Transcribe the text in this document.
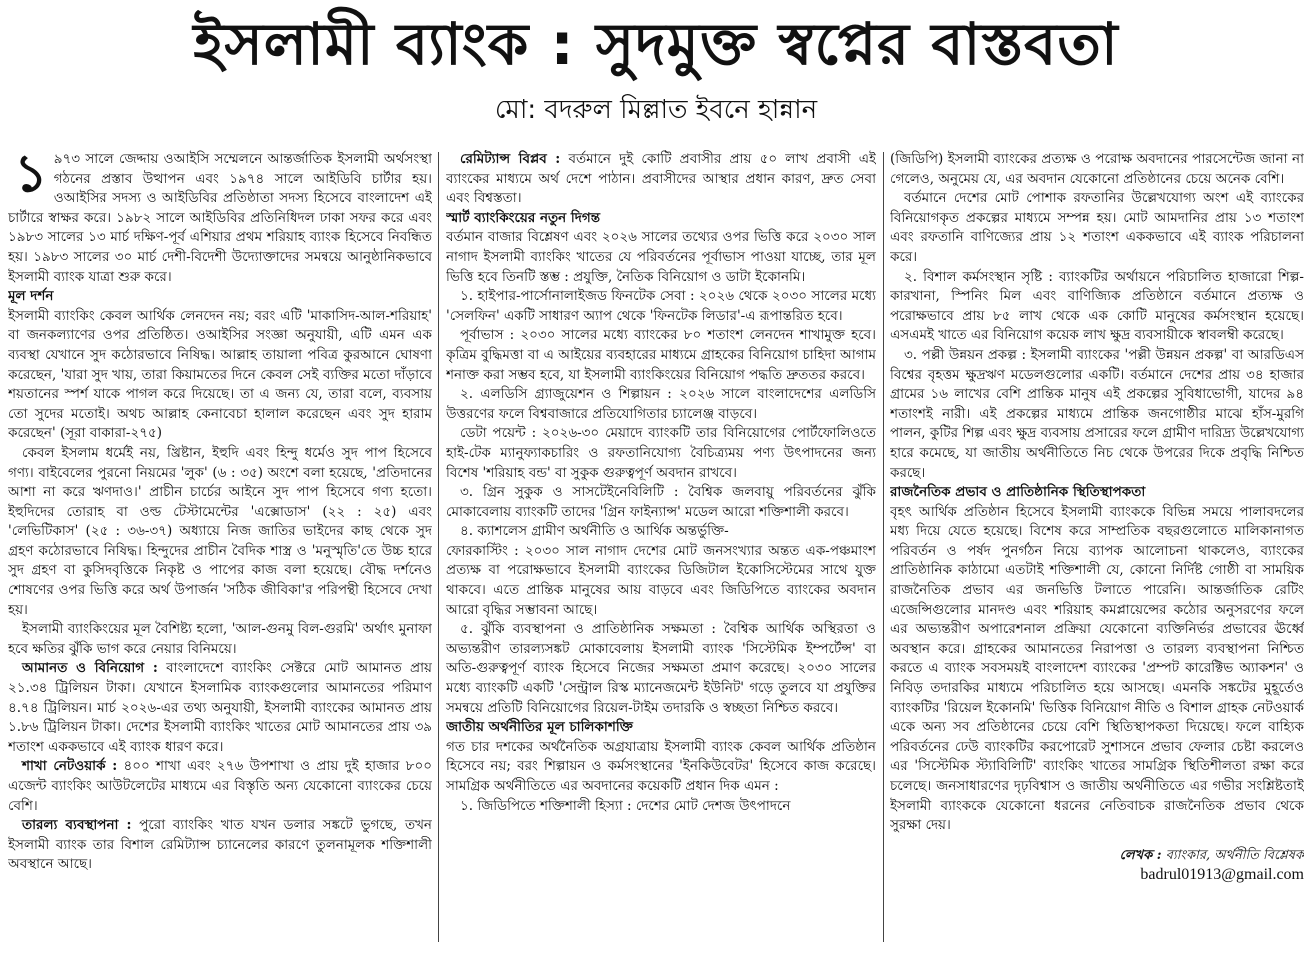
ইসলামী ব্যাংক : সুদমুক্ত স্বপ্নের বাস্তবতা
মো: বদরুল মিল্লাত ইবনে হান্নান

১ ৯৭৩ সালে জেদ্দায় ওআইসি সম্মেলনে আন্তর্জাতিক ইসলামী অর্থসংস্থা গঠনের প্রস্তাব উত্থাপন এবং ১৯৭৪ সালে আইডিবি চার্টার হয়। ওআইসির সদস্য ও আইডিবির প্রতিষ্ঠাতা সদস্য হিসেবে বাংলাদেশ এই চার্টারে স্বাক্ষর করে। ১৯৮২ সালে আইডিবির প্রতিনিধিদল ঢাকা সফর করে এবং ১৯৮৩ সালের ১৩ মার্চ দক্ষিণ-পূর্ব এশিয়ার প্রথম শরিয়াহ ব্যাংক হিসেবে নিবন্ধিত হয়। ১৯৮৩ সালের ৩০ মার্চ দেশী-বিদেশী উদ্যোক্তাদের সমন্বয়ে আনুষ্ঠানিকভাবে ইসলামী ব্যাংক যাত্রা শুরু করে।

মূল দর্শন

ইসলামী ব্যাংকিং কেবল আর্থিক লেনদেন নয়; বরং এটি 'মাকাসিদ-আল-শরিয়াহ' বা জনকল্যাণের ওপর প্রতিষ্ঠিত। ওআইসির সংজ্ঞা অনুযায়ী, এটি এমন এক ব্যবস্থা যেখানে সুদ কঠোরভাবে নিষিদ্ধ। আল্লাহ তায়ালা পবিত্র কুরআনে ঘোষণা করেছেন, 'যারা সুদ খায়, তারা কিয়ামতের দিনে কেবল সেই ব্যক্তির মতো দাঁড়াবে শয়তানের স্পর্শ যাকে পাগল করে দিয়েছে। তা এ জন্য যে, তারা বলে, ব্যবসায় তো সুদের মতোই। অথচ আল্লাহ কেনাবেচা হালাল করেছেন এবং সুদ হারাম করেছেন' (সূরা বাকারা-২৭৫)

কেবল ইসলাম ধর্মেই নয়, খ্রিষ্টান, ইহুদি এবং হিন্দু ধর্মেও সুদ পাপ হিসেবে গণ্য। বাইবেলের পুরনো নিয়মের 'লুক' (৬ : ৩৫) অংশে বলা হয়েছে, 'প্রতিদানের আশা না করে ঋণদাও।' প্রাচীন চার্চের আইনে সুদ পাপ হিসেবে গণ্য হতো। ইহুদিদের তোরাহ বা ওল্ড টেস্টামেন্টের 'এক্সোডাস' (২২ : ২৫) এবং 'লেভিটিকাস' (২৫ : ৩৬-৩৭) অধ্যায়ে নিজ জাতির ভাইদের কাছ থেকে সুদ গ্রহণ কঠোরভাবে নিষিদ্ধ। হিন্দুদের প্রাচীন বৈদিক শাস্ত্র ও 'মনুস্মৃতি'তে উচ্চ হারে সুদ গ্রহণ বা কুসিদবৃত্তিকে নিকৃষ্ট ও পাপের কাজ বলা হয়েছে। বৌদ্ধ দর্শনেও শোষণের ওপর ভিত্তি করে অর্থ উপার্জন 'সঠিক জীবিকা'র পরিপন্থী হিসেবে দেখা হয়।

ইসলামী ব্যাংকিংয়ের মূল বৈশিষ্ট্য হলো, 'আল-গুনমু বিল-গুরমি' অর্থাৎ মুনাফা হবে ক্ষতির ঝুঁকি ভাগ করে নেয়ার বিনিময়ে।

আমানত ও বিনিয়োগ : বাংলাদেশে ব্যাংকিং সেক্টরে মোট আমানত প্রায় ২১.৩৪ ট্রিলিয়ন টাকা। যেখানে ইসলামিক ব্যাংকগুলোর আমানতের পরিমাণ ৪.৭৪ ট্রিলিয়ন। মার্চ ২০২৬-এর তথ্য অনুযায়ী, ইসলামী ব্যাংকের আমানত প্রায় ১.৮৬ ট্রিলিয়ন টাকা। দেশের ইসলামী ব্যাংকিং খাতের মোট আমানতের প্রায় ৩৯ শতাংশ এককভাবে এই ব্যাংক ধারণ করে।

শাখা নেটওয়ার্ক : ৪০০ শাখা এবং ২৭৬ উপশাখা ও প্রায় দুই হাজার ৮০০ এজেন্ট ব্যাংকিং আউটলেটের মাধ্যমে এর বিস্তৃতি অন্য যেকোনো ব্যাংকের চেয়ে বেশি।

তারল্য ব্যবস্থাপনা : পুরো ব্যাংকিং খাত যখন ডলার সঙ্কটে ভুগছে, তখন ইসলামী ব্যাংক তার বিশাল রেমিট্যান্স চ্যানেলের কারণে তুলনামূলক শক্তিশালী অবস্থানে আছে।

রেমিট্যান্স বিপ্লব : বর্তমানে দুই কোটি প্রবাসীর প্রায় ৫০ লাখ প্রবাসী এই ব্যাংকের মাধ্যমে অর্থ দেশে পাঠান। প্রবাসীদের আস্থার প্রধান কারণ, দ্রুত সেবা এবং বিশ্বস্ততা।

স্মার্ট ব্যাংকিংয়ের নতুন দিগন্ত

বর্তমান বাজার বিশ্লেষণ এবং ২০২৬ সালের তথ্যের ওপর ভিত্তি করে ২০৩০ সাল নাগাদ ইসলামী ব্যাংকিং খাতের যে পরিবর্তনের পূর্বাভাস পাওয়া যাচ্ছে, তার মূল ভিত্তি হবে তিনটি স্তম্ভ : প্রযুক্তি, নৈতিক বিনিয়োগ ও ডাটা ইকোনমি।

১. হাইপার-পার্সোনালাইজড ফিনটেক সেবা : ২০২৬ থেকে ২০৩০ সালের মধ্যে 'সেলফিন' একটি সাধারণ অ্যাপ থেকে 'ফিনটেক লিডার'-এ রূপান্তরিত হবে।

পূর্বাভাস : ২০৩০ সালের মধ্যে ব্যাংকের ৮০ শতাংশ লেনদেন শাখামুক্ত হবে। কৃত্রিম বুদ্ধিমত্তা বা এ আইয়ের ব্যবহারের মাধ্যমে গ্রাহকের বিনিয়োগ চাহিদা আগাম শনাক্ত করা সম্ভব হবে, যা ইসলামী ব্যাংকিংয়ের বিনিয়োগ পদ্ধতি দ্রুততর করবে।

২. এলডিসি গ্র্যাজুয়েশন ও শিল্পায়ন : ২০২৬ সালে বাংলাদেশের এলডিসি উত্তরণের ফলে বিশ্ববাজারে প্রতিযোগিতার চ্যালেঞ্জ বাড়বে।

ডেটা পয়েন্ট : ২০২৬-৩০ মেয়াদে ব্যাংকটি তার বিনিয়োগের পোর্টফোলিওতে হাই-টেক ম্যানুফ্যাকচারিং ও রফতানিযোগ্য বৈচিত্র্যময় পণ্য উৎপাদনের জন্য বিশেষ 'শরিয়াহ বন্ড' বা সুকুক গুরুত্বপূর্ণ অবদান রাখবে।

৩. গ্রিন সুকুক ও সাসটেইনেবিলিটি : বৈশ্বিক জলবায়ু পরিবর্তনের ঝুঁকি মোকাবেলায় ব্যাংকটি তাদের 'গ্রিন ফাইন্যান্স' মডেল আরো শক্তিশালী করবে।

৪. ক্যাশলেস গ্রামীণ অর্থনীতি ও আর্থিক অন্তর্ভুক্তি-

ফোরকাস্টিং : ২০৩০ সাল নাগাদ দেশের মোট জনসংখ্যার অন্তত এক-পঞ্চমাংশ প্রত্যক্ষ বা পরোক্ষভাবে ইসলামী ব্যাংকের ডিজিটাল ইকোসিস্টেমের সাথে যুক্ত থাকবে। এতে প্রান্তিক মানুষের আয় বাড়বে এবং জিডিপিতে ব্যাংকের অবদান আরো বৃদ্ধির সম্ভাবনা আছে।

৫. ঝুঁকি ব্যবস্থাপনা ও প্রাতিষ্ঠানিক সক্ষমতা : বৈশ্বিক আর্থিক অস্থিরতা ও অভ্যন্তরীণ তারল্যসঙ্কট মোকাবেলায় ইসলামী ব্যাংক 'সিস্টেমিক ইম্পর্টেন্স' বা অতি-গুরুত্বপূর্ণ ব্যাংক হিসেবে নিজের সক্ষমতা প্রমাণ করেছে। ২০৩০ সালের মধ্যে ব্যাংকটি একটি 'সেন্ট্রাল রিস্ক ম্যানেজমেন্ট ইউনিট' গড়ে তুলবে যা প্রযুক্তির সমন্বয়ে প্রতিটি বিনিয়োগের রিয়েল-টাইম তদারকি ও স্বচ্ছতা নিশ্চিত করবে।

জাতীয় অর্থনীতির মূল চালিকাশক্তি

গত চার দশকের অর্থনৈতিক অগ্রযাত্রায় ইসলামী ব্যাংক কেবল আর্থিক প্রতিষ্ঠান হিসেবে নয়; বরং শিল্পায়ন ও কর্মসংস্থানের 'ইনকিউবেটর' হিসেবে কাজ করেছে। সামগ্রিক অর্থনীতিতে এর অবদানের কয়েকটি প্রধান দিক এমন :

১. জিডিপিতে শক্তিশালী হিস্যা : দেশের মোট দেশজ উৎপাদনে

(জিডিপি) ইসলামী ব্যাংকের প্রত্যক্ষ ও পরোক্ষ অবদানের পারসেন্টেজ জানা না গেলেও, অনুমেয় যে, এর অবদান যেকোনো প্রতিষ্ঠানের চেয়ে অনেক বেশি।

বর্তমানে দেশের মোট পোশাক রফতানির উল্লেখযোগ্য অংশ এই ব্যাংকের বিনিয়োগকৃত প্রকল্পের মাধ্যমে সম্পন্ন হয়। মোট আমদানির প্রায় ১৩ শতাংশ এবং রফতানি বাণিজ্যের প্রায় ১২ শতাংশ এককভাবে এই ব্যাংক পরিচালনা করে।

২. বিশাল কর্মসংস্থান সৃষ্টি : ব্যাংকটির অর্থায়নে পরিচালিত হাজারো শিল্প-কারখানা, স্পিনিং মিল এবং বাণিজ্যিক প্রতিষ্ঠানে বর্তমানে প্রত্যক্ষ ও পরোক্ষভাবে প্রায় ৮৫ লাখ থেকে এক কোটি মানুষের কর্মসংস্থান হয়েছে। এসএমই খাতে এর বিনিয়োগ কয়েক লাখ ক্ষুদ্র ব্যবসায়ীকে স্বাবলম্বী করেছে।

৩. পল্লী উন্নয়ন প্রকল্প : ইসলামী ব্যাংকের 'পল্লী উন্নয়ন প্রকল্প' বা আরডিএস বিশ্বের বৃহত্তম ক্ষুদ্রঋণ মডেলগুলোর একটি। বর্তমানে দেশের প্রায় ৩৪ হাজার গ্রামের ১৬ লাখের বেশি প্রান্তিক মানুষ এই প্রকল্পের সুবিধাভোগী, যাদের ৯৪ শতাংশই নারী। এই প্রকল্পের মাধ্যমে প্রান্তিক জনগোষ্ঠীর মাঝে হাঁস-মুরগি পালন, কুটির শিল্প এবং ক্ষুদ্র ব্যবসায় প্রসারের ফলে গ্রামীণ দারিদ্র্য উল্লেখযোগ্য হারে কমেছে, যা জাতীয় অর্থনীতিতে নিচ থেকে উপরের দিকে প্রবৃদ্ধি নিশ্চিত করছে।

রাজনৈতিক প্রভাব ও প্রাতিষ্ঠানিক স্থিতিস্থাপকতা

বৃহৎ আর্থিক প্রতিষ্ঠান হিসেবে ইসলামী ব্যাংককে বিভিন্ন সময়ে পালাবদলের মধ্য দিয়ে যেতে হয়েছে। বিশেষ করে সাম্প্রতিক বছরগুলোতে মালিকানাগত পরিবর্তন ও পর্ষদ পুনর্গঠন নিয়ে ব্যাপক আলোচনা থাকলেও, ব্যাংকের প্রাতিষ্ঠানিক কাঠামো এতটাই শক্তিশালী যে, কোনো নির্দিষ্ট গোষ্ঠী বা সাময়িক রাজনৈতিক প্রভাব এর জনভিত্তি টলাতে পারেনি। আন্তর্জাতিক রেটিং এজেন্সিগুলোর মানদণ্ড এবং শরিয়াহ কমপ্লায়েন্সের কঠোর অনুসরণের ফলে এর অভ্যন্তরীণ অপারেশনাল প্রক্রিয়া যেকোনো ব্যক্তিনির্ভর প্রভাবের ঊর্ধ্বে অবস্থান করে। গ্রাহকের আমানতের নিরাপত্তা ও তারল্য ব্যবস্থাপনা নিশ্চিত করতে এ ব্যাংক সবসময়ই বাংলাদেশ ব্যাংকের 'প্রম্পট কারেক্টিভ অ্যাকশন' ও নিবিড় তদারকির মাধ্যমে পরিচালিত হয়ে আসছে। এমনকি সঙ্কটের মুহূর্তেও ব্যাংকটির 'রিয়েল ইকোনমি' ভিত্তিক বিনিয়োগ নীতি ও বিশাল গ্রাহক নেটওয়ার্ক একে অন্য সব প্রতিষ্ঠানের চেয়ে বেশি স্থিতিস্থাপকতা দিয়েছে। ফলে বাহ্যিক পরিবর্তনের ঢেউ ব্যাংকটির করপোরেট সুশাসনে প্রভাব ফেলার চেষ্টা করলেও এর 'সিস্টেমিক স্ট্যাবিলিটি' ব্যাংকিং খাতের সামগ্রিক স্থিতিশীলতা রক্ষা করে চলেছে। জনসাধারণের দৃঢ়বিশ্বাস ও জাতীয় অর্থনীতিতে এর গভীর সংশ্লিষ্টতাই ইসলামী ব্যাংককে যেকোনো ধরনের নেতিবাচক রাজনৈতিক প্রভাব থেকে সুরক্ষা দেয়।

লেখক : ব্যাংকার, অর্থনীতি বিশ্লেষক
badrul01913@gmail.com
